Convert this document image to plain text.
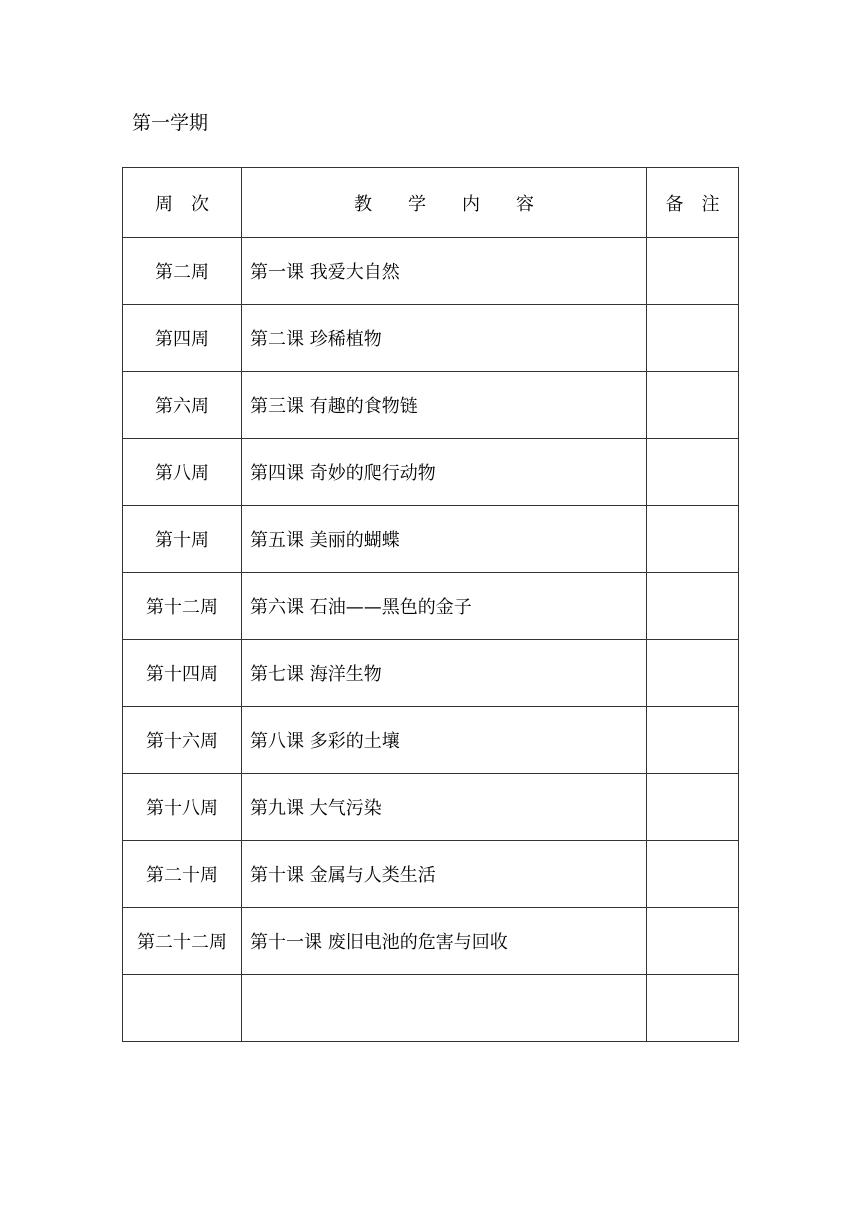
第一学期
周　次	教　　学　　内　　容	备　注
第二周	第一课 我爱大自然	
第四周	第二课 珍稀植物	
第六周	第三课 有趣的食物链	
第八周	第四课 奇妙的爬行动物	
第十周	第五课 美丽的蝴蝶	
第十二周	第六课 石油——黑色的金子	
第十四周	第七课 海洋生物	
第十六周	第八课 多彩的土壤	
第十八周	第九课 大气污染	
第二十周	第十课 金属与人类生活	
第二十二周	第十一课 废旧电池的危害与回收	
